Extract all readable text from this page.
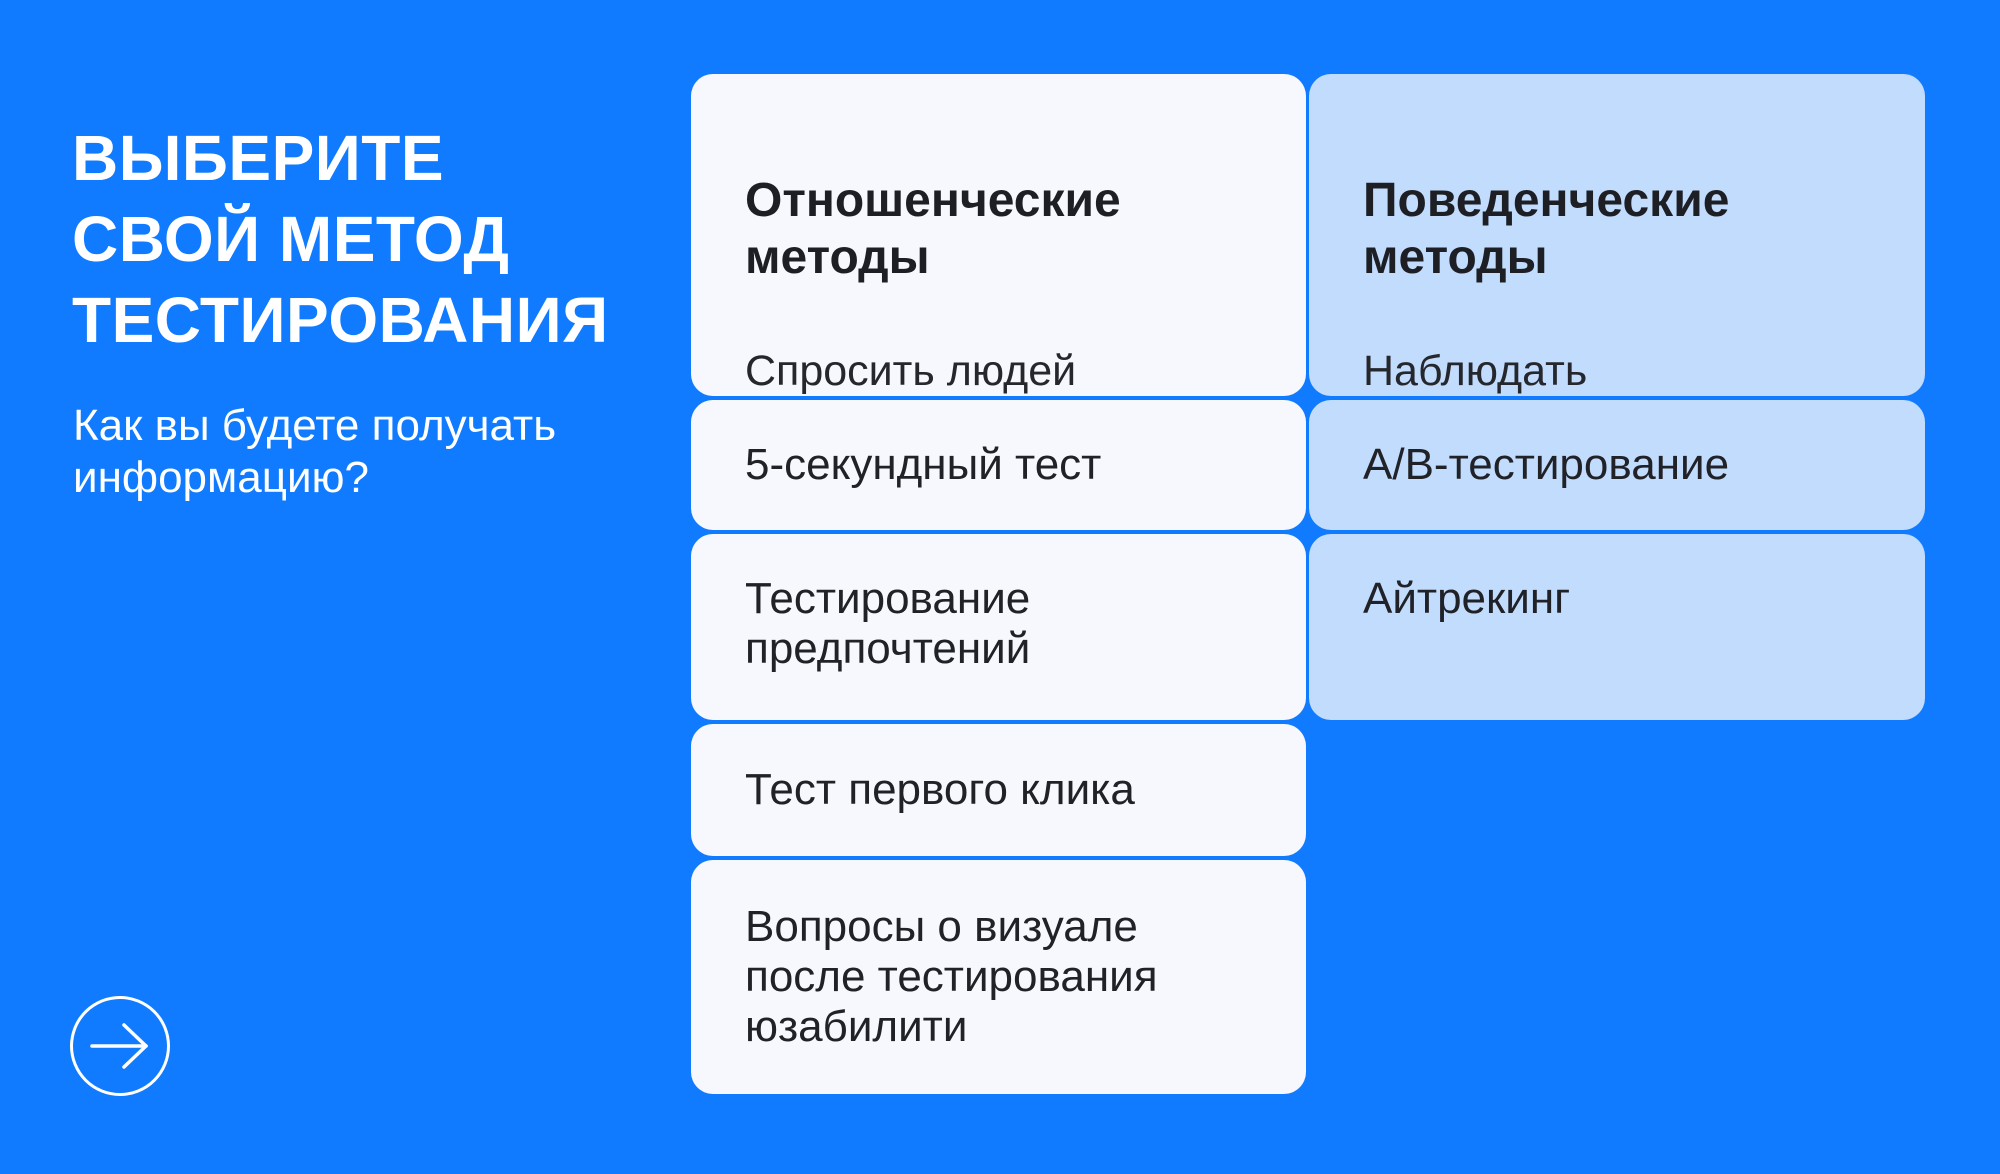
ВЫБЕРИТЕ
СВОЙ МЕТОД
ТЕСТИРОВАНИЯ

Как вы будете получать
информацию?

Отношенческие
методы

Спросить людей

5-секундный тест
Тестирование
предпочтений
Тест первого клика
Вопросы о визуале
после тестирования
юзабилити

Поведенческие
методы

Наблюдать

A/B-тестирование
Айтрекинг
